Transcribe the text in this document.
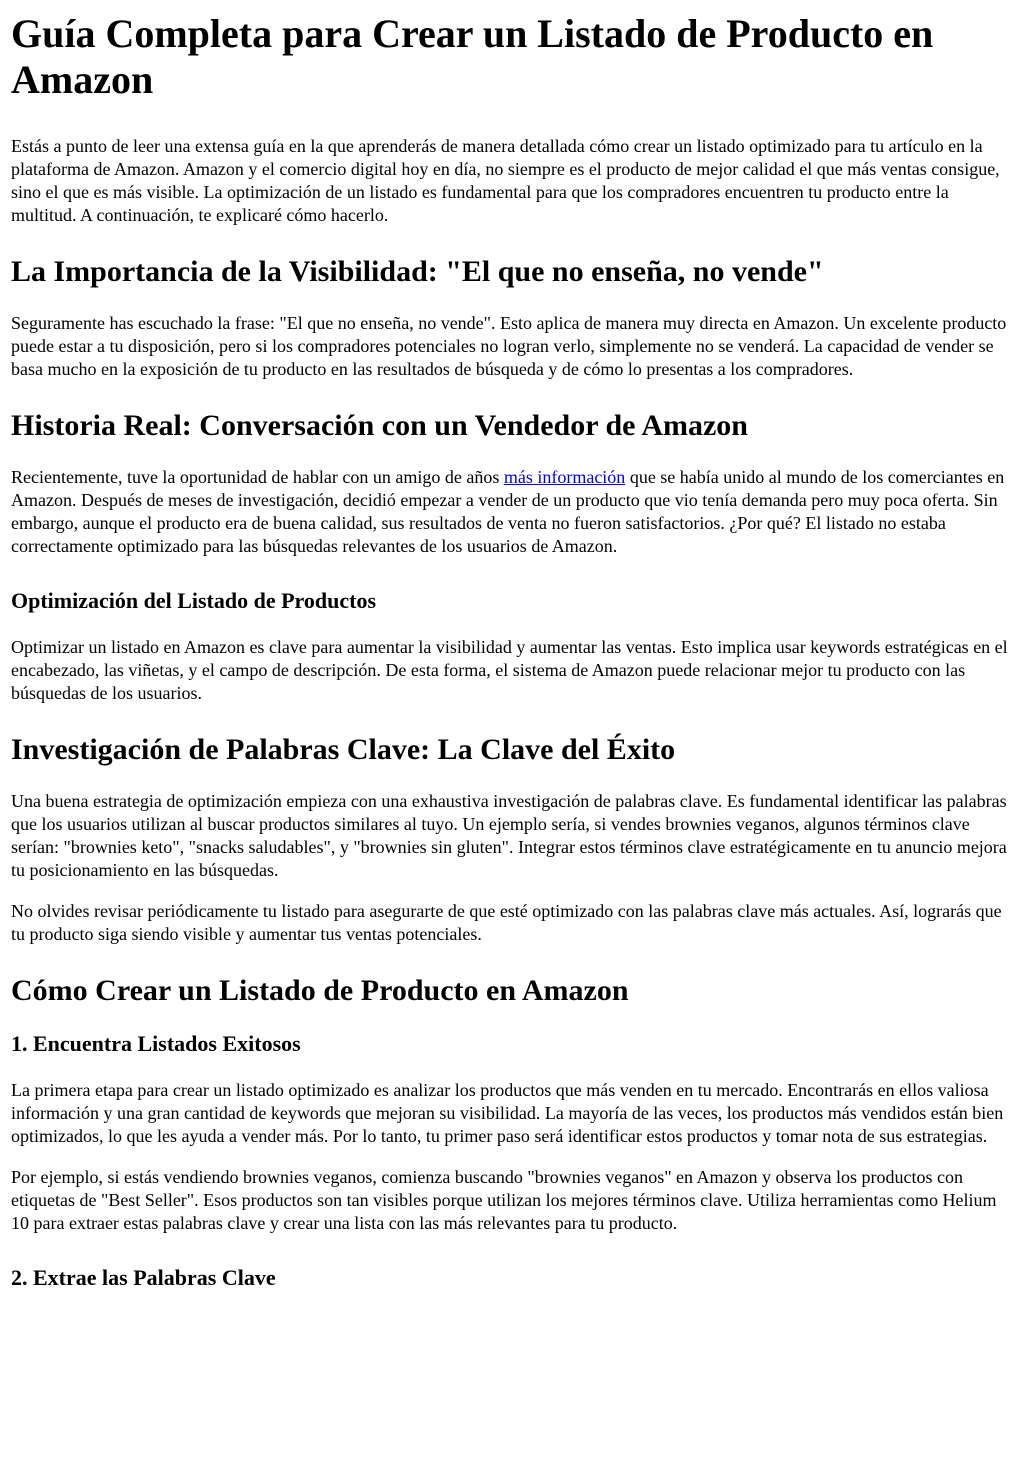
Guía Completa para Crear un Listado de Producto en Amazon

Estás a punto de leer una extensa guía en la que aprenderás de manera detallada cómo crear un listado optimizado para tu artículo en la plataforma de Amazon. Amazon y el comercio digital hoy en día, no siempre es el producto de mejor calidad el que más ventas consigue, sino el que es más visible. La optimización de un listado es fundamental para que los compradores encuentren tu producto entre la multitud. A continuación, te explicaré cómo hacerlo.

La Importancia de la Visibilidad: "El que no enseña, no vende"

Seguramente has escuchado la frase: "El que no enseña, no vende". Esto aplica de manera muy directa en Amazon. Un excelente producto puede estar a tu disposición, pero si los compradores potenciales no logran verlo, simplemente no se venderá. La capacidad de vender se basa mucho en la exposición de tu producto en las resultados de búsqueda y de cómo lo presentas a los compradores.

Historia Real: Conversación con un Vendedor de Amazon

Recientemente, tuve la oportunidad de hablar con un amigo de años más información que se había unido al mundo de los comerciantes en Amazon. Después de meses de investigación, decidió empezar a vender de un producto que vio tenía demanda pero muy poca oferta. Sin embargo, aunque el producto era de buena calidad, sus resultados de venta no fueron satisfactorios. ¿Por qué? El listado no estaba correctamente optimizado para las búsquedas relevantes de los usuarios de Amazon.

Optimización del Listado de Productos

Optimizar un listado en Amazon es clave para aumentar la visibilidad y aumentar las ventas. Esto implica usar keywords estratégicas en el encabezado, las viñetas, y el campo de descripción. De esta forma, el sistema de Amazon puede relacionar mejor tu producto con las búsquedas de los usuarios.

Investigación de Palabras Clave: La Clave del Éxito

Una buena estrategia de optimización empieza con una exhaustiva investigación de palabras clave. Es fundamental identificar las palabras que los usuarios utilizan al buscar productos similares al tuyo. Un ejemplo sería, si vendes brownies veganos, algunos términos clave serían: "brownies keto", "snacks saludables", y "brownies sin gluten". Integrar estos términos clave estratégicamente en tu anuncio mejora tu posicionamiento en las búsquedas.

No olvides revisar periódicamente tu listado para asegurarte de que esté optimizado con las palabras clave más actuales. Así, lograrás que tu producto siga siendo visible y aumentar tus ventas potenciales.

Cómo Crear un Listado de Producto en Amazon
1. Encuentra Listados Exitosos

La primera etapa para crear un listado optimizado es analizar los productos que más venden en tu mercado. Encontrarás en ellos valiosa información y una gran cantidad de keywords que mejoran su visibilidad. La mayoría de las veces, los productos más vendidos están bien optimizados, lo que les ayuda a vender más. Por lo tanto, tu primer paso será identificar estos productos y tomar nota de sus estrategias.

Por ejemplo, si estás vendiendo brownies veganos, comienza buscando "brownies veganos" en Amazon y observa los productos con etiquetas de "Best Seller". Esos productos son tan visibles porque utilizan los mejores términos clave. Utiliza herramientas como Helium 10 para extraer estas palabras clave y crear una lista con las más relevantes para tu producto.

2. Extrae las Palabras Clave
